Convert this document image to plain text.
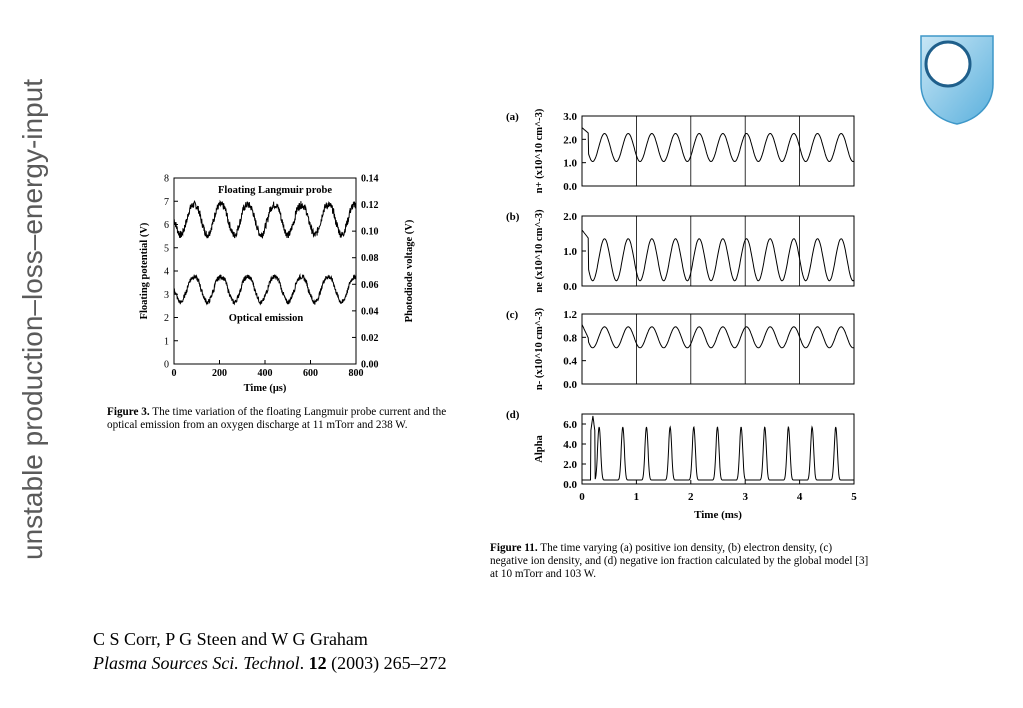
unstable production–loss–energy-input	0
1
2
3
4
5
6
7
8
0.00
0.02
0.04
0.06
0.08
0.10
0.12
0.14
0	200	400	600	800
Time (μs)
Floating potential (V)	Photodiode voltage (V)
Floating Langmuir probe
Optical emission
Figure 3. The time variation of the floating Langmuir probe current and the optical emission from an oxygen discharge at 11 mTorr and 238 W.
(a)
0.0
1.0
2.0
3.0
n+ (x10^10 cm^-3)
(b)
0.0
1.0
2.0
ne (x10^10 cm^-3)
(c)
0.0
0.4
0.8
1.2
n- (x10^10 cm^-3)
(d)
0.0
2.0
4.0
6.0
Alpha
0	1	2	3	4	5
Time (ms)
Figure 11. The time varying (a) positive ion density, (b) electron density, (c) negative ion density, and (d) negative ion fraction calculated by the global model [3] at 10 mTorr and 103 W.
C S Corr, P G Steen and W G Graham
Plasma Sources Sci. Technol. 12 (2003) 265–272
